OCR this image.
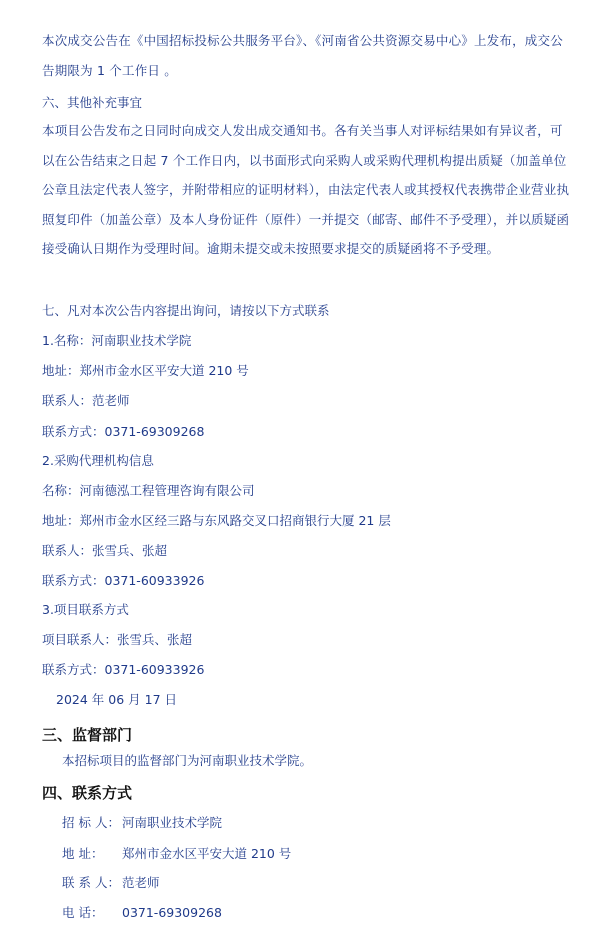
本次成交公告在《中国招标投标公共服务平台》、《河南省公共资源交易中心》上发布，成交公告期限为 1 个工作日 。
六、其他补充事宜
本项目公告发布之日同时向成交人发出成交通知书。各有关当事人对评标结果如有异议者，可以在公告结束之日起 7 个工作日内，以书面形式向采购人或采购代理机构提出质疑（加盖单位公章且法定代表人签字，并附带相应的证明材料），由法定代表人或其授权代表携带企业营业执照复印件（加盖公章）及本人身份证件（原件）一并提交（邮寄、邮件不予受理），并以质疑函接受确认日期作为受理时间。逾期未提交或未按照要求提交的质疑函将不予受理。
七、凡对本次公告内容提出询问，请按以下方式联系
1.名称：河南职业技术学院
地址：郑州市金水区平安大道 210 号
联系人：范老师
联系方式：0371-69309268
2.采购代理机构信息
名称：河南德泓工程管理咨询有限公司
地址：郑州市金水区经三路与东风路交叉口招商银行大厦 21 层
联系人：张雪兵、张超
联系方式：0371-60933926
3.项目联系方式
项目联系人：张雪兵、张超
联系方式：0371-60933926
2024 年 06 月 17 日
三、监督部门
本招标项目的监督部门为河南职业技术学院。
四、联系方式
招 标 人： 河南职业技术学院
地 址： 郑州市金水区平安大道 210 号
联 系 人： 范老师
电 话： 0371-69309268
